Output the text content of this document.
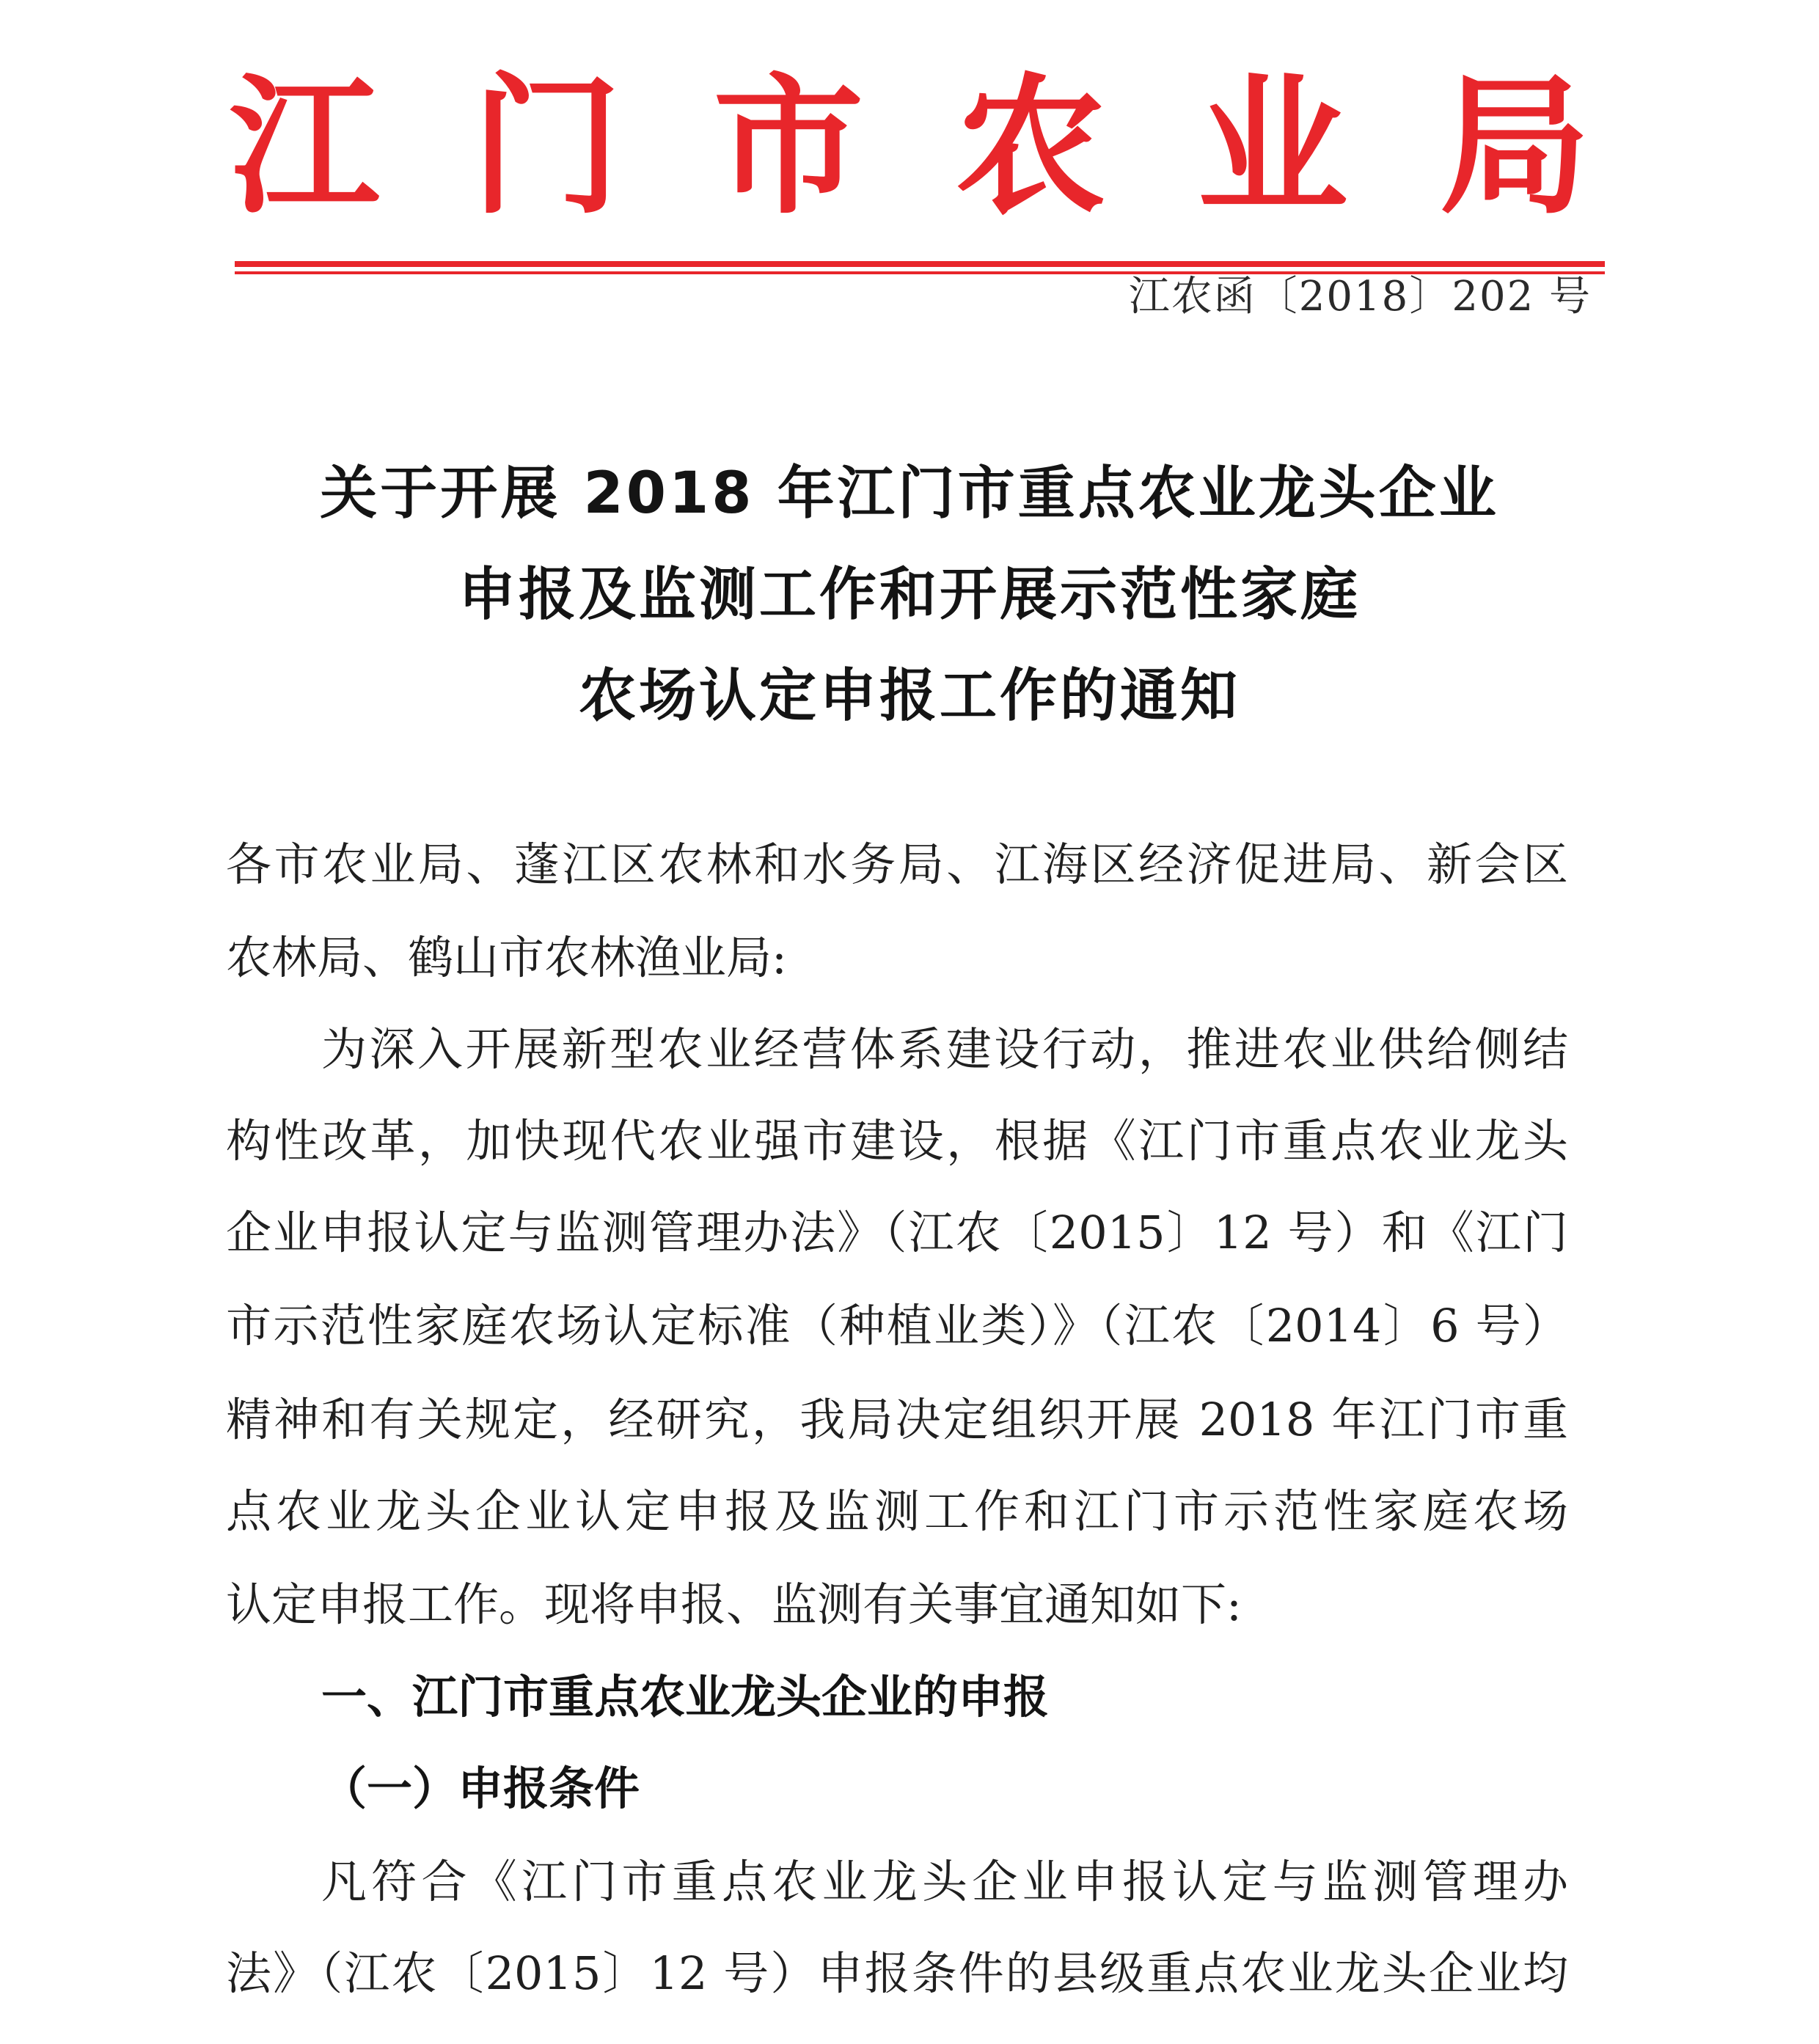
江 门 市 农 业 局
江农函〔2018〕202 号
关于开展 2018 年江门市重点农业龙头企业
申报及监测工作和开展示范性家庭
农场认定申报工作的通知
各市农业局、蓬江区农林和水务局、江海区经济促进局、新会区
农林局、鹤山市农林渔业局:
为深入开展新型农业经营体系建设行动，推进农业供给侧结
构性改革，加快现代农业强市建设，根据《江门市重点农业龙头
企业申报认定与监测管理办法》（江农〔2015〕12 号）和《江门
市示范性家庭农场认定标准（种植业类）》（江农〔2014〕6 号）
精神和有关规定，经研究，我局决定组织开展 2018 年江门市重
点农业龙头企业认定申报及监测工作和江门市示范性家庭农场
认定申报工作。现将申报、监测有关事宜通知如下:
一、江门市重点农业龙头企业的申报
（一）申报条件
凡符合《江门市重点农业龙头企业申报认定与监测管理办
法》（江农〔2015〕12 号）申报条件的县级重点农业龙头企业均
